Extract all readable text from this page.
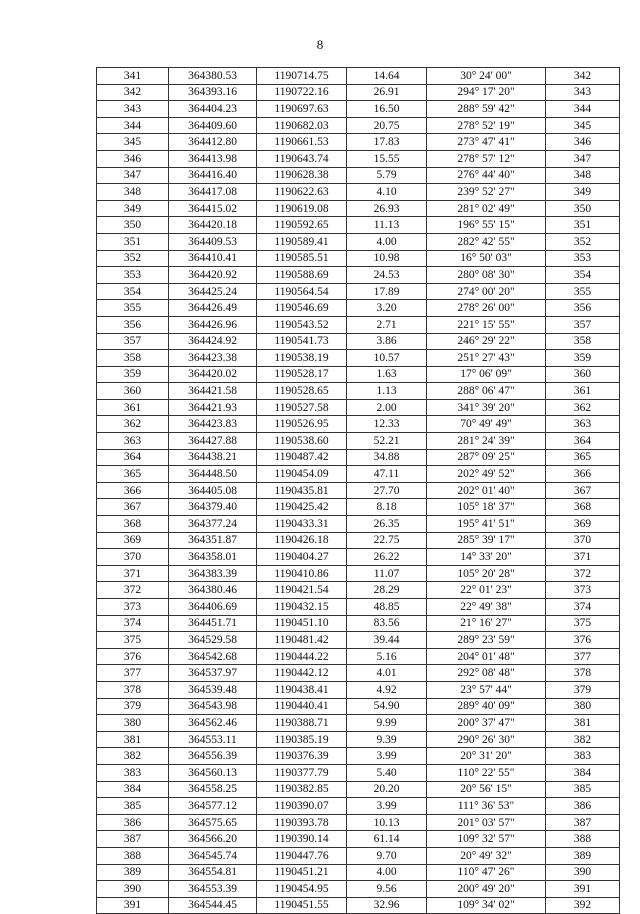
8
341	364380.53	1190714.75	14.64	30° 24' 00"	342
342	364393.16	1190722.16	26.91	294° 17' 20"	343
343	364404.23	1190697.63	16.50	288° 59' 42"	344
344	364409.60	1190682.03	20.75	278° 52' 19"	345
345	364412.80	1190661.53	17.83	273° 47' 41"	346
346	364413.98	1190643.74	15.55	278° 57' 12"	347
347	364416.40	1190628.38	5.79	276° 44' 40"	348
348	364417.08	1190622.63	4.10	239° 52' 27"	349
349	364415.02	1190619.08	26.93	281° 02' 49"	350
350	364420.18	1190592.65	11.13	196° 55' 15"	351
351	364409.53	1190589.41	4.00	282° 42' 55"	352
352	364410.41	1190585.51	10.98	16° 50' 03"	353
353	364420.92	1190588.69	24.53	280° 08' 30"	354
354	364425.24	1190564.54	17.89	274° 00' 20"	355
355	364426.49	1190546.69	3.20	278° 26' 00"	356
356	364426.96	1190543.52	2.71	221° 15' 55"	357
357	364424.92	1190541.73	3.86	246° 29' 22"	358
358	364423.38	1190538.19	10.57	251° 27' 43"	359
359	364420.02	1190528.17	1.63	17° 06' 09"	360
360	364421.58	1190528.65	1.13	288° 06' 47"	361
361	364421.93	1190527.58	2.00	341° 39' 20"	362
362	364423.83	1190526.95	12.33	70° 49' 49"	363
363	364427.88	1190538.60	52.21	281° 24' 39"	364
364	364438.21	1190487.42	34.88	287° 09' 25"	365
365	364448.50	1190454.09	47.11	202° 49' 52"	366
366	364405.08	1190435.81	27.70	202° 01' 40"	367
367	364379.40	1190425.42	8.18	105° 18' 37"	368
368	364377.24	1190433.31	26.35	195° 41' 51"	369
369	364351.87	1190426.18	22.75	285° 39' 17"	370
370	364358.01	1190404.27	26.22	14° 33' 20"	371
371	364383.39	1190410.86	11.07	105° 20' 28"	372
372	364380.46	1190421.54	28.29	22° 01' 23"	373
373	364406.69	1190432.15	48.85	22° 49' 38"	374
374	364451.71	1190451.10	83.56	21° 16' 27"	375
375	364529.58	1190481.42	39.44	289° 23' 59"	376
376	364542.68	1190444.22	5.16	204° 01' 48"	377
377	364537.97	1190442.12	4.01	292° 08' 48"	378
378	364539.48	1190438.41	4.92	23° 57' 44"	379
379	364543.98	1190440.41	54.90	289° 40' 09"	380
380	364562.46	1190388.71	9.99	200° 37' 47"	381
381	364553.11	1190385.19	9.39	290° 26' 30"	382
382	364556.39	1190376.39	3.99	20° 31' 20"	383
383	364560.13	1190377.79	5.40	110° 22' 55"	384
384	364558.25	1190382.85	20.20	20° 56' 15"	385
385	364577.12	1190390.07	3.99	111° 36' 53"	386
386	364575.65	1190393.78	10.13	201° 03' 57"	387
387	364566.20	1190390.14	61.14	109° 32' 57"	388
388	364545.74	1190447.76	9.70	20° 49' 32"	389
389	364554.81	1190451.21	4.00	110° 47' 26"	390
390	364553.39	1190454.95	9.56	200° 49' 20"	391
391	364544.45	1190451.55	32.96	109° 34' 02"	392
